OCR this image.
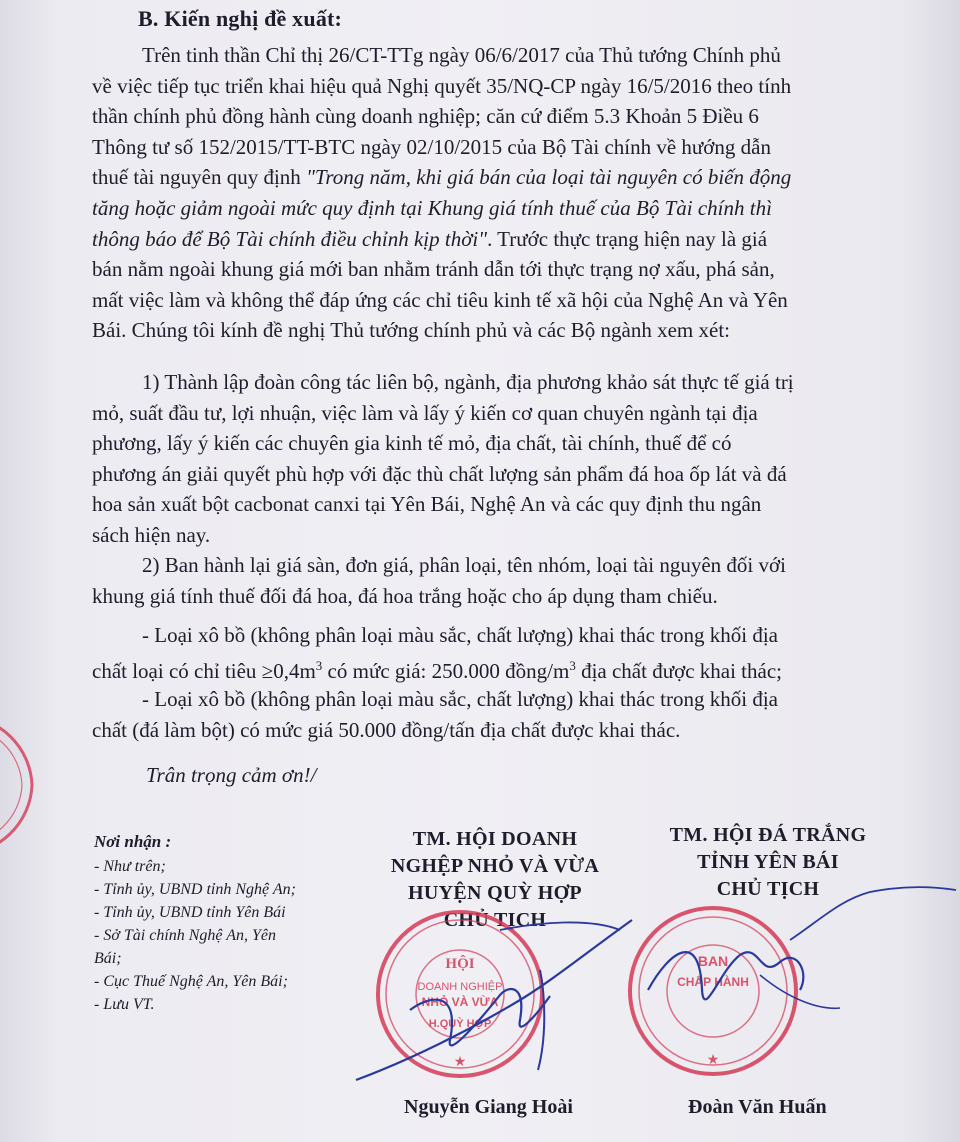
B. Kiến nghị đề xuất:
Trên tinh thần Chỉ thị 26/CT-TTg ngày 06/6/2017 của Thủ tướng Chính phủ
về việc tiếp tục triển khai hiệu quả Nghị quyết 35/NQ-CP ngày 16/5/2016 theo tính
thần chính phủ đồng hành cùng doanh nghiệp; căn cứ điểm 5.3 Khoản 5 Điều 6
Thông tư số 152/2015/TT-BTC ngày 02/10/2015 của Bộ Tài chính về hướng dẫn
thuế tài nguyên quy định "Trong năm, khi giá bán của loại tài nguyên có biến động
tăng hoặc giảm ngoài mức quy định tại Khung giá tính thuế của Bộ Tài chính thì
thông báo để Bộ Tài chính điều chỉnh kịp thời". Trước thực trạng hiện nay là giá
bán nằm ngoài khung giá mới ban nhằm tránh dẫn tới thực trạng nợ xấu, phá sản,
mất việc làm và không thể đáp ứng các chỉ tiêu kinh tế xã hội của Nghệ An và Yên
Bái. Chúng tôi kính đề nghị Thủ tướng chính phủ và các Bộ ngành xem xét:
1) Thành lập đoàn công tác liên bộ, ngành, địa phương khảo sát thực tế giá trị
mỏ, suất đầu tư, lợi nhuận, việc làm và lấy ý kiến cơ quan chuyên ngành tại địa
phương, lấy ý kiến các chuyên gia kinh tế mỏ, địa chất, tài chính, thuế để có
phương án giải quyết phù hợp với đặc thù chất lượng sản phẩm đá hoa ốp lát và đá
hoa sản xuất bột cacbonat canxi tại Yên Bái, Nghệ An và các quy định thu ngân
sách hiện nay.
2) Ban hành lại giá sàn, đơn giá, phân loại, tên nhóm, loại tài nguyên đối với
khung giá tính thuế đối đá hoa, đá hoa trắng hoặc cho áp dụng tham chiếu.
- Loại xô bồ (không phân loại màu sắc, chất lượng) khai thác trong khối địa
chất loại có chỉ tiêu $\ge 0,4m^3$ có mức giá: 250.000 đồng/$m^3$ địa chất được khai thác;
- Loại xô bồ (không phân loại màu sắc, chất lượng) khai thác trong khối địa
chất (đá làm bột) có mức giá 50.000 đồng/tấn địa chất được khai thác.
Trân trọng cảm ơn!/
Nơi nhận :
- Như trên;
- Tỉnh ủy, UBND tỉnh Nghệ An;
- Tỉnh ủy, UBND tỉnh Yên Bái
- Sở Tài chính Nghệ An, Yên
Bái;
- Cục Thuế Nghệ An, Yên Bái;
- Lưu VT.
TM. HỘI DOANH
NGHỆP NHỎ VÀ VỪA
HUYỆN QUỲ HỢP
CHỦ TỊCH
TM. HỘI ĐÁ TRẮNG
TỈNH YÊN BÁI
CHỦ TỊCH
HỘI
DOANH NGHIỆP
NHỎ VÀ VỪA
H.QUỲ HỢP
★
BAN
CHẤP HÀNH
★
Nguyễn Giang Hoài	Đoàn Văn Huấn
